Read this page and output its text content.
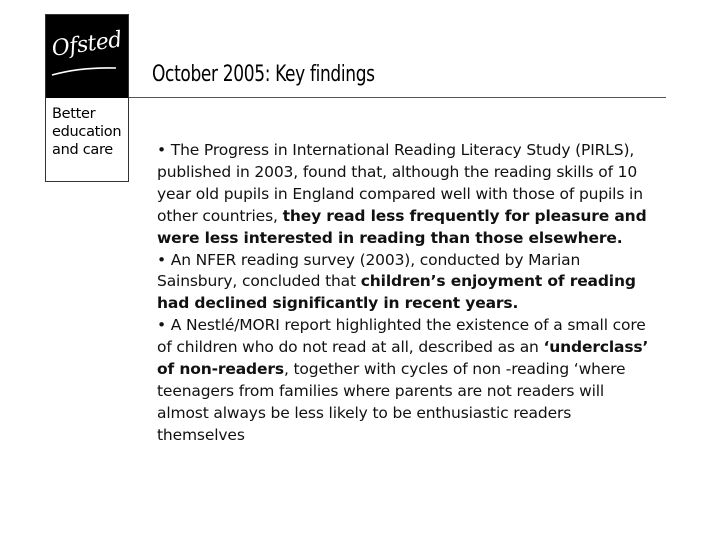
Ofsted
Better
education
and care
October 2005: Key findings

• The Progress in International Reading Literacy Study (PIRLS), published in 2003, found that, although the reading skills of 10 year old pupils in England compared well with those of pupils in other countries, they read less frequently for pleasure and were less interested in reading than those elsewhere.

• An NFER reading survey (2003), conducted by Marian Sainsbury, concluded that children’s enjoyment of reading had declined significantly in recent years.

• A Nestlé/MORI report highlighted the existence of a small core of children who do not read at all, described as an ‘underclass’ of non-readers, together with cycles of non -reading ‘where teenagers from families where parents are not readers will almost always be less likely to be enthusiastic readers themselves
